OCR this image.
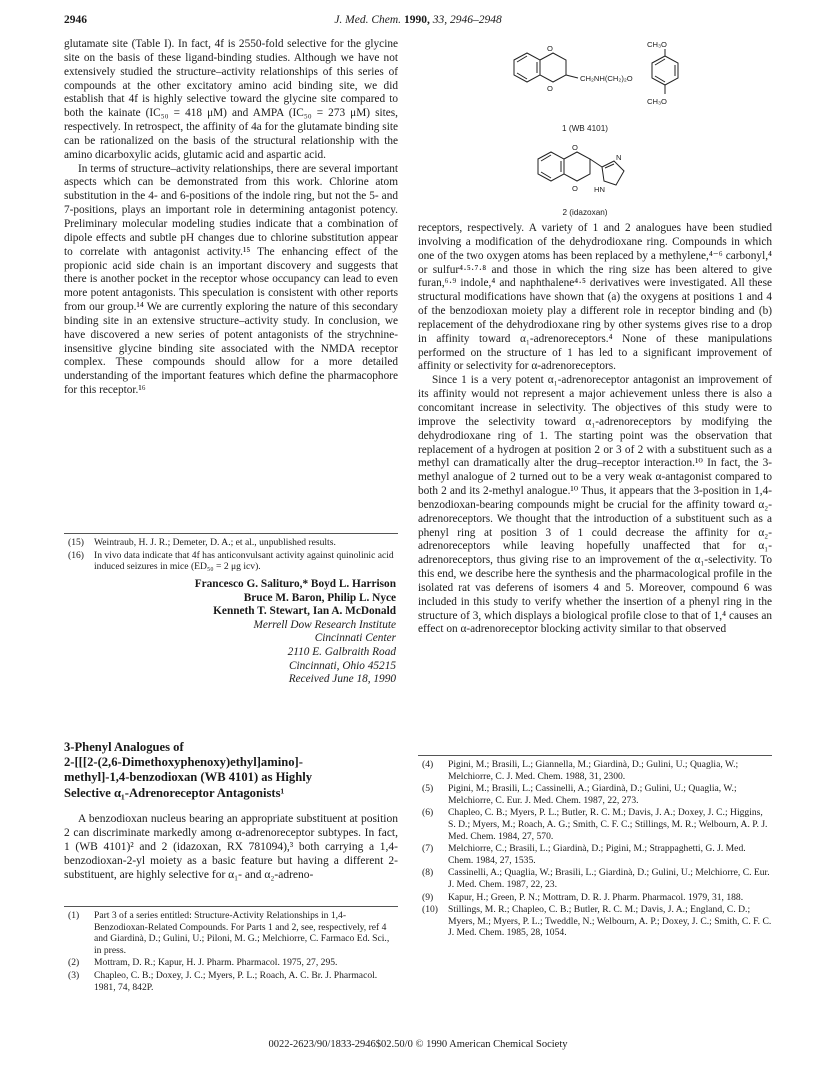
2946	J. Med. Chem. 1990, 33, 2946–2948

glutamate site (Table I). In fact, 4f is 2550-fold selective for the glycine site on the basis of these ligand-binding studies. Although we have not extensively studied the structure–activity relationships of this series of compounds at the other excitatory amino acid binding site, we did establish that 4f is highly selective toward the glycine site compared to both the kainate (IC₅₀ = 418 μM) and AMPA (IC₅₀ = 273 μM) sites, respectively. In retrospect, the affinity of 4a for the glutamate binding site can be rationalized on the basis of the structural relationship with the amino dicarboxylic acids, glutamic acid and aspartic acid.

In terms of structure–activity relationships, there are several important aspects which can be demonstrated from this work. Chlorine atom substitution in the 4- and 6-positions of the indole ring, but not the 5- and 7-positions, plays an important role in determining antagonist potency. Preliminary molecular modeling studies indicate that a combination of dipole effects and subtle pH changes due to chlorine substitution appear to correlate with antagonist activity.¹⁵ The enhancing effect of the propionic acid side chain is an important discovery and suggests that there is another pocket in the receptor whose occupancy can lead to even more potent antagonists. This speculation is consistent with other reports from our group.¹⁴ We are currently exploring the nature of this secondary binding site in an extensive structure–activity study. In conclusion, we have discovered a new series of potent antagonists of the strychnine-insensitive glycine binding site associated with the NMDA receptor complex. These compounds should allow for a more detailed understanding of the important features which define the pharmacophore for this receptor.¹⁶

(15) Weintraub, H. J. R.; Demeter, D. A.; et al., unpublished results.
(16) In vivo data indicate that 4f has anticonvulsant activity against quinolinic acid induced seizures in mice (ED₅₀ = 2 μg icv).
Francesco G. Salituro,* Boyd L. Harrison
Bruce M. Baron, Philip L. Nyce
Kenneth T. Stewart, Ian A. McDonald
Merrell Dow Research Institute
Cincinnati Center
2110 E. Galbraith Road
Cincinnati, Ohio 45215
Received June 18, 1990
3-Phenyl Analogues of
2-[[[2-(2,6-Dimethoxyphenoxy)ethyl]amino]-
methyl]-1,4-benzodioxan (WB 4101) as Highly
Selective α₁-Adrenoreceptor Antagonists¹

A benzodioxan nucleus bearing an appropriate substituent at position 2 can discriminate markedly among α-adrenoreceptor subtypes. In fact, 1 (WB 4101)² and 2 (idazoxan, RX 781094),³ both carrying a 1,4-benzodioxan-2-yl moiety as a basic feature but having a different 2-substituent, are highly selective for α₁- and α₂-adreno-

(1) Part 3 of a series entitled: Structure-Activity Relationships in 1,4-Benzodioxan-Related Compounds. For Parts 1 and 2, see, respectively, ref 4 and Giardinà, D.; Gulini, U.; Piloni, M. G.; Melchiorre, C. Farmaco Ed. Sci., in press.
(2) Mottram, D. R.; Kapur, H. J. Pharm. Pharmacol. 1975, 27, 295.
(3) Chapleo, C. B.; Doxey, J. C.; Myers, P. L.; Roach, A. C. Br. J. Pharmacol. 1981, 74, 842P.
O
O
CH₃O
CH₂NH(CH₂)₂O
CH₃O
1 (WB 4101)
O
O
N
HN
2 (idazoxan)

receptors, respectively. A variety of 1 and 2 analogues have been studied involving a modification of the dehydrodioxane ring. Compounds in which one of the two oxygen atoms has been replaced by a methylene,⁴⁻⁶ carbonyl,⁴ or sulfur⁴·⁵·⁷·⁸ and those in which the ring size has been altered to give furan,⁶·⁹ indole,⁴ and naphthalene⁴·⁵ derivatives were investigated. All these structural modifications have shown that (a) the oxygens at positions 1 and 4 of the benzodioxan moiety play a different role in receptor binding and (b) replacement of the dehydrodioxane ring by other systems gives rise to a drop in affinity toward α₁-adrenoreceptors.⁴ None of these manipulations performed on the structure of 1 has led to a significant improvement of affinity or selectivity for α-adrenoreceptors.

Since 1 is a very potent α₁-adrenoreceptor antagonist an improvement of its affinity would not represent a major achievement unless there is also a concomitant increase in selectivity. The objectives of this study were to improve the selectivity toward α₁-adrenoreceptors by modifying the dehydrodioxane ring of 1. The starting point was the observation that replacement of a hydrogen at position 2 or 3 of 2 with a substituent such as a methyl can dramatically alter the drug–receptor interaction.¹⁰ In fact, the 3-methyl analogue of 2 turned out to be a very weak α-antagonist compared to both 2 and its 2-methyl analogue.¹⁰ Thus, it appears that the 3-position in 1,4-benzodioxan-bearing compounds might be crucial for the affinity toward α₂-adrenoreceptors. We thought that the introduction of a substituent such as a phenyl ring at position 3 of 1 could decrease the affinity for α₂-adrenoreceptors while leaving hopefully unaffected that for α₁-adrenoreceptors, thus giving rise to an improvement of the α₁-selectivity. To this end, we describe here the synthesis and the pharmacological profile in the isolated rat vas deferens of isomers 4 and 5. Moreover, compound 6 was included in this study to verify whether the insertion of a phenyl ring in the structure of 3, which displays a biological profile close to that of 1,⁴ causes an effect on α-adrenoreceptor blocking activity similar to that observed

(4) Pigini, M.; Brasili, L.; Giannella, M.; Giardinà, D.; Gulini, U.; Quaglia, W.; Melchiorre, C. J. Med. Chem. 1988, 31, 2300.
(5) Pigini, M.; Brasili, L.; Cassinelli, A.; Giardinà, D.; Gulini, U.; Quaglia, W.; Melchiorre, C. Eur. J. Med. Chem. 1987, 22, 273.
(6) Chapleo, C. B.; Myers, P. L.; Butler, R. C. M.; Davis, J. A.; Doxey, J. C.; Higgins, S. D.; Myers, M.; Roach, A. G.; Smith, C. F. C.; Stillings, M. R.; Welbourn, A. P. J. Med. Chem. 1984, 27, 570.
(7) Melchiorre, C.; Brasili, L.; Giardinà, D.; Pigini, M.; Strappaghetti, G. J. Med. Chem. 1984, 27, 1535.
(8) Cassinelli, A.; Quaglia, W.; Brasili, L.; Giardinà, D.; Gulini, U.; Melchiorre, C. Eur. J. Med. Chem. 1987, 22, 23.
(9) Kapur, H.; Green, P. N.; Mottram, D. R. J. Pharm. Pharmacol. 1979, 31, 188.
(10) Stillings, M. R.; Chapleo, C. B.; Butler, R. C. M.; Davis, J. A.; England, C. D.; Myers, M.; Myers, P. L.; Tweddle, N.; Welbourn, A. P.; Doxey, J. C.; Smith, C. F. C. J. Med. Chem. 1985, 28, 1054.
0022-2623/90/1833-2946$02.50/0 © 1990 American Chemical Society
